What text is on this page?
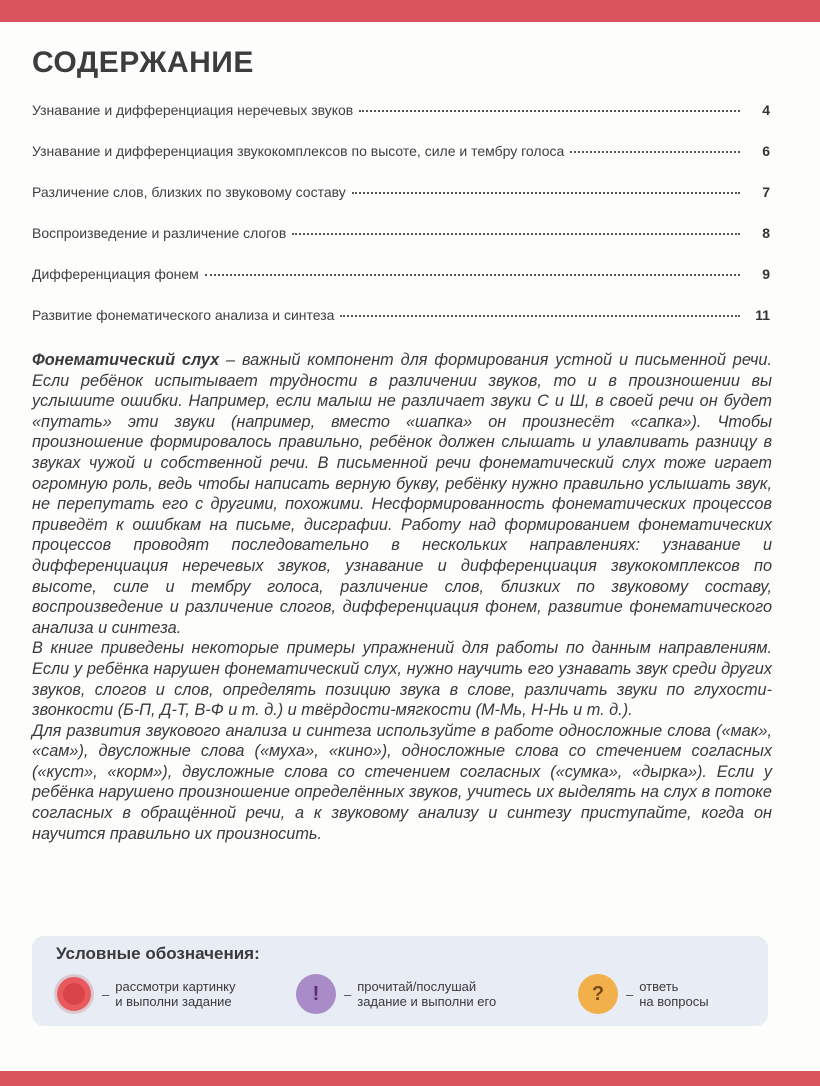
СОДЕРЖАНИЕ
Узнавание и дифференциация неречевых звуков	4
Узнавание и дифференциация звукокомплексов по высоте, силе и тембру голоса	6
Различение слов, близких по звуковому составу	7
Воспроизведение и различение слогов	8
Дифференциация фонем	9
Развитие фонематического анализа и синтеза	11

Фонематический слух – важный компонент для формирования устной и письменной речи. Если ребёнок испытывает трудности в различении звуков, то и в произношении вы услышите ошибки. Например, если малыш не различает звуки С и Ш, в своей речи он будет «путать» эти звуки (например, вместо «шапка» он произнесёт «сапка»). Чтобы произношение формировалось правильно, ребёнок должен слышать и улавливать разницу в звуках чужой и собственной речи. В письменной речи фонематический слух тоже играет огромную роль, ведь чтобы написать верную букву, ребёнку нужно правильно услышать звук, не перепутать его с другими, похожими. Несформированность фонематических процессов приведёт к ошибкам на письме, дисграфии. Работу над формированием фонематических процессов проводят последовательно в нескольких направлениях: узнавание и дифференциация неречевых звуков, узнавание и дифференциация звукокомплексов по высоте, силе и тембру голоса, различение слов, близких по звуковому составу, воспроизведение и различение слогов, дифференциация фонем, развитие фонематического анализа и синтеза.

В книге приведены некоторые примеры упражнений для работы по данным направлениям. Если у ребёнка нарушен фонематический слух, нужно научить его узнавать звук среди других звуков, слогов и слов, определять позицию звука в слове, различать звуки по глухости-звонкости (Б-П, Д-Т, В-Ф и т. д.) и твёрдости-мягкости (М-Мь, Н-Нь и т. д.).

Для развития звукового анализа и синтеза используйте в работе односложные слова («мак», «сам»), двусложные слова («муха», «кино»), односложные слова со стечением согласных («куст», «корм»), двусложные слова со стечением согласных («сумка», «дырка»). Если у ребёнка нарушено произношение определённых звуков, учитесь их выделять на слух в потоке согласных в обращённой речи, а к звуковому анализу и синтезу приступайте, когда он научится правильно их произносить.

Условные обозначения:
– рассмотри картинку
и выполни задание	!	– прочитай/послушай
задание и выполни его	?	– ответь
на вопросы
